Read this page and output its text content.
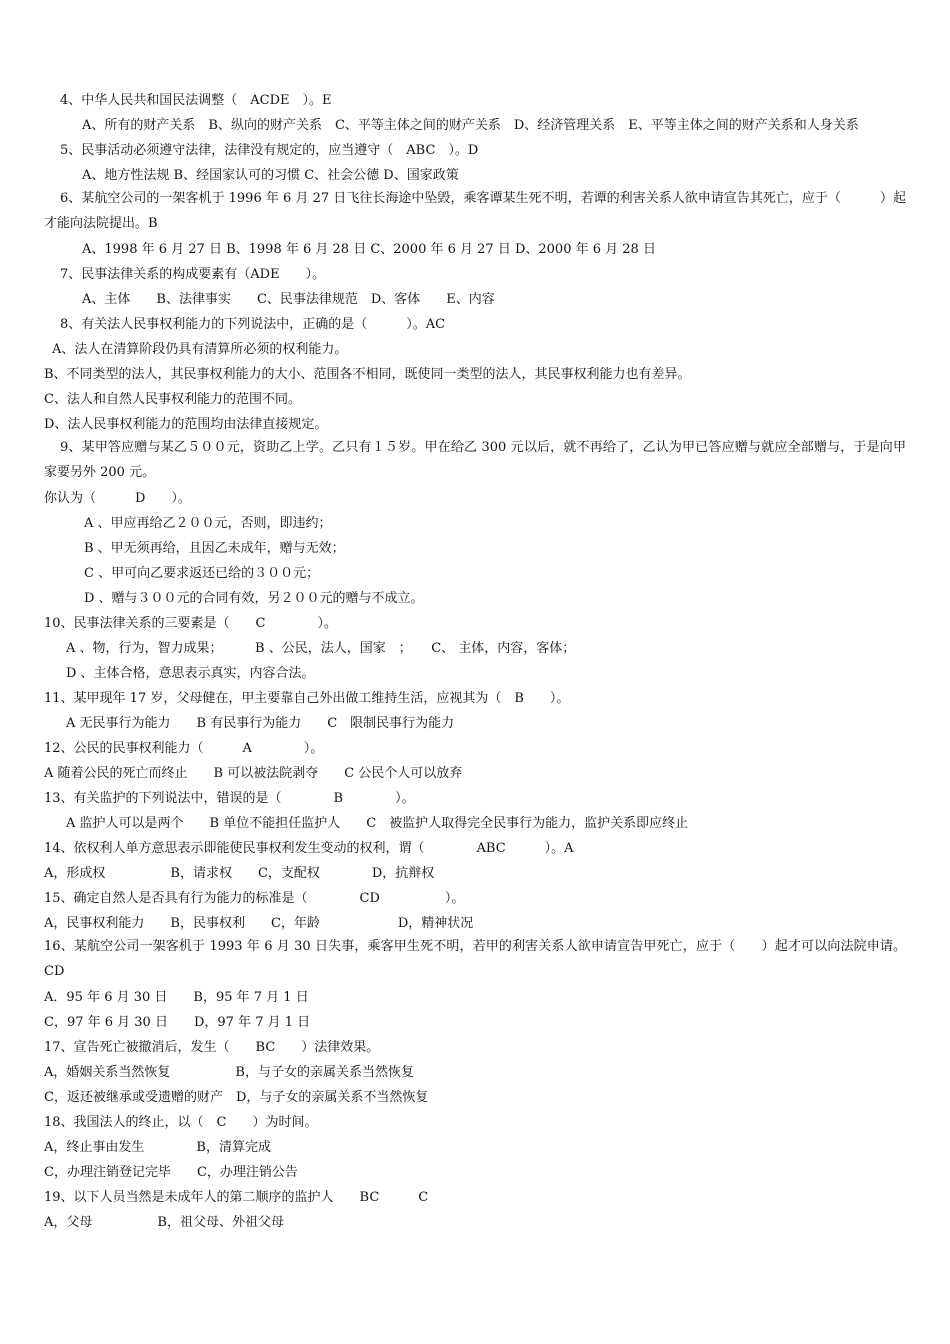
4、中华人民共和国民法调整（　ACDE　）。E
A、所有的财产关系　B、纵向的财产关系　C、平等主体之间的财产关系　D、经济管理关系　E、平等主体之间的财产关系和人身关系
5、民事活动必须遵守法律，法律没有规定的，应当遵守（　ABC　）。D
A、地方性法规 B、经国家认可的习惯 C、社会公德 D、国家政策
6、某航空公司的一架客机于 1996 年 6 月 27 日飞往长海途中坠毁，乘客谭某生死不明，若谭的利害关系人欲申请宣告其死亡，应于（　　　）起才能向法院提出。B
A、1998 年 6 月 27 日 B、1998 年 6 月 28 日 C、2000 年 6 月 27 日 D、2000 年 6 月 28 日
7、民事法律关系的构成要素有（ADE　　）。
A、主体　　B、法律事实　　C、民事法律规范　D、客体　　E、内容
8、有关法人民事权利能力的下列说法中，正确的是（　　　）。AC
A、法人在清算阶段仍具有清算所必须的权利能力。
B、不同类型的法人，其民事权利能力的大小、范围各不相同，既使同一类型的法人，其民事权利能力也有差异。
C、法人和自然人民事权利能力的范围不同。
D、法人民事权利能力的范围均由法律直接规定。
9、某甲答应赠与某乙５００元，资助乙上学。乙只有１５岁。甲在给乙 300 元以后，就不再给了，乙认为甲已答应赠与就应全部赠与，于是向甲家要另外 200 元。
你认为（　　　D　　）。
A 、甲应再给乙２００元，否则，即违约；
B 、甲无须再给，且因乙未成年，赠与无效；
C 、甲可向乙要求返还已给的３００元；
D 、赠与３００元的合同有效，另２００元的赠与不成立。
10、民事法律关系的三要素是（　　C　　　　）。
A 、物，行为，智力成果；　　　B 、公民，法人，国家　；　　C、 主体，内容，客体；
D 、主体合格，意思表示真实，内容合法。
11、某甲现年 17 岁，父母健在，甲主要靠自己外出做工维持生活，应视其为（　B　　）。
A 无民事行为能力　　B 有民事行为能力　　C　限制民事行为能力
12、公民的民事权利能力（　　　A　　　　）。
A 随着公民的死亡而终止　　B 可以被法院剥夺　　C 公民个人可以放弃
13、有关监护的下列说法中，错误的是（　　　　B　　　　）。
A 监护人可以是两个　　B 单位不能担任监护人　　C　被监护人取得完全民事行为能力，监护关系即应终止
14、依权利人单方意思表示即能使民事权利发生变动的权利，谓（　　　　ABC　　　）。A
A，形成权　　　　　B，请求权　　C，支配权　　　　D，抗辩权
15、确定自然人是否具有行为能力的标准是（　　　　CD　　　　　）。
A，民事权利能力　　B，民事权利　　C，年龄　　　　　　D，精神状况
16、某航空公司一架客机于 1993 年 6 月 30 日失事，乘客甲生死不明，若甲的利害关系人欲申请宣告甲死亡，应于（　　）起才可以向法院申请。CD
A．95 年 6 月 30 日　　B，95 年 7 月 1 日
C，97 年 6 月 30 日　　D，97 年 7 月 1 日
17、宣告死亡被撤消后，发生（　　BC　　）法律效果。
A，婚姻关系当然恢复　　　　　B，与子女的亲属关系当然恢复
C，返还被继承或受遗赠的财产　D，与子女的亲属关系不当然恢复
18、我国法人的终止，以（　C　　）为时间。
A，终止事由发生　　　　B，清算完成
C，办理注销登记完毕　　C，办理注销公告
19、以下人员当然是未成年人的第二顺序的监护人　　BC　　　C
A，父母　　　　　B，祖父母、外祖父母
